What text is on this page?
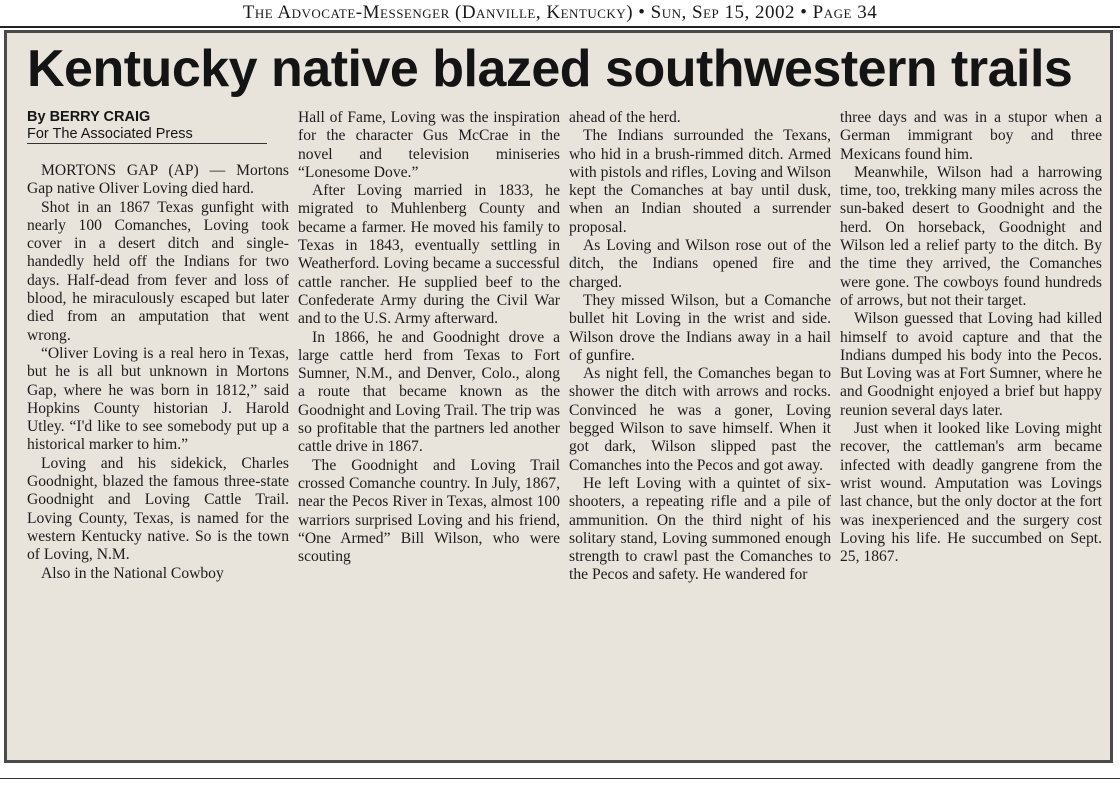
The Advocate-Messenger (Danville, Kentucky) • Sun, Sep 15, 2002 • Page 34
Kentucky native blazed southwestern trails

By BERRY CRAIG

For The Associated Press

MORTONS GAP (AP) — Mortons Gap native Oliver Loving died hard.

Shot in an 1867 Texas gunfight with nearly 100 Comanches, Loving took cover in a desert ditch and single-handedly held off the Indians for two days. Half-dead from fever and loss of blood, he miraculously escaped but later died from an amputation that went wrong.

“Oliver Loving is a real hero in Texas, but he is all but unknown in Mortons Gap, where he was born in 1812,” said Hopkins County historian J. Harold Utley. “I'd like to see somebody put up a historical marker to him.”

Loving and his sidekick, Charles Goodnight, blazed the famous three-state Goodnight and Loving Cattle Trail. Loving County, Texas, is named for the western Kentucky native. So is the town of Loving, N.M.

Also in the National Cowboy

Hall of Fame, Loving was the inspiration for the character Gus McCrae in the novel and television miniseries “Lonesome Dove.”

After Loving married in 1833, he migrated to Muhlenberg County and became a farmer. He moved his family to Texas in 1843, eventually settling in Weatherford. Loving became a successful cattle rancher. He supplied beef to the Confederate Army during the Civil War and to the U.S. Army afterward.

In 1866, he and Goodnight drove a large cattle herd from Texas to Fort Sumner, N.M., and Denver, Colo., along a route that became known as the Goodnight and Loving Trail. The trip was so profitable that the partners led another cattle drive in 1867.

The Goodnight and Loving Trail crossed Comanche country. In July, 1867, near the Pecos River in Texas, almost 100 warriors surprised Loving and his friend, “One Armed” Bill Wilson, who were scouting

ahead of the herd.

The Indians surrounded the Texans, who hid in a brush-rimmed ditch. Armed with pistols and rifles, Loving and Wilson kept the Comanches at bay until dusk, when an Indian shouted a surrender proposal.

As Loving and Wilson rose out of the ditch, the Indians opened fire and charged.

They missed Wilson, but a Comanche bullet hit Loving in the wrist and side. Wilson drove the Indians away in a hail of gunfire.

As night fell, the Comanches began to shower the ditch with arrows and rocks. Convinced he was a goner, Loving begged Wilson to save himself. When it got dark, Wilson slipped past the Comanches into the Pecos and got away.

He left Loving with a quintet of six-shooters, a repeating rifle and a pile of ammunition. On the third night of his solitary stand, Loving summoned enough strength to crawl past the Comanches to the Pecos and safety. He wandered for

three days and was in a stupor when a German immigrant boy and three Mexicans found him.

Meanwhile, Wilson had a harrowing time, too, trekking many miles across the sun-baked desert to Goodnight and the herd. On horseback, Goodnight and Wilson led a relief party to the ditch. By the time they arrived, the Comanches were gone. The cowboys found hundreds of arrows, but not their target.

Wilson guessed that Loving had killed himself to avoid capture and that the Indians dumped his body into the Pecos. But Loving was at Fort Sumner, where he and Goodnight enjoyed a brief but happy reunion several days later.

Just when it looked like Loving might recover, the cattleman's arm became infected with deadly gangrene from the wrist wound. Amputation was Lovings last chance, but the only doctor at the fort was inexperienced and the surgery cost Loving his life. He succumbed on Sept. 25, 1867.
